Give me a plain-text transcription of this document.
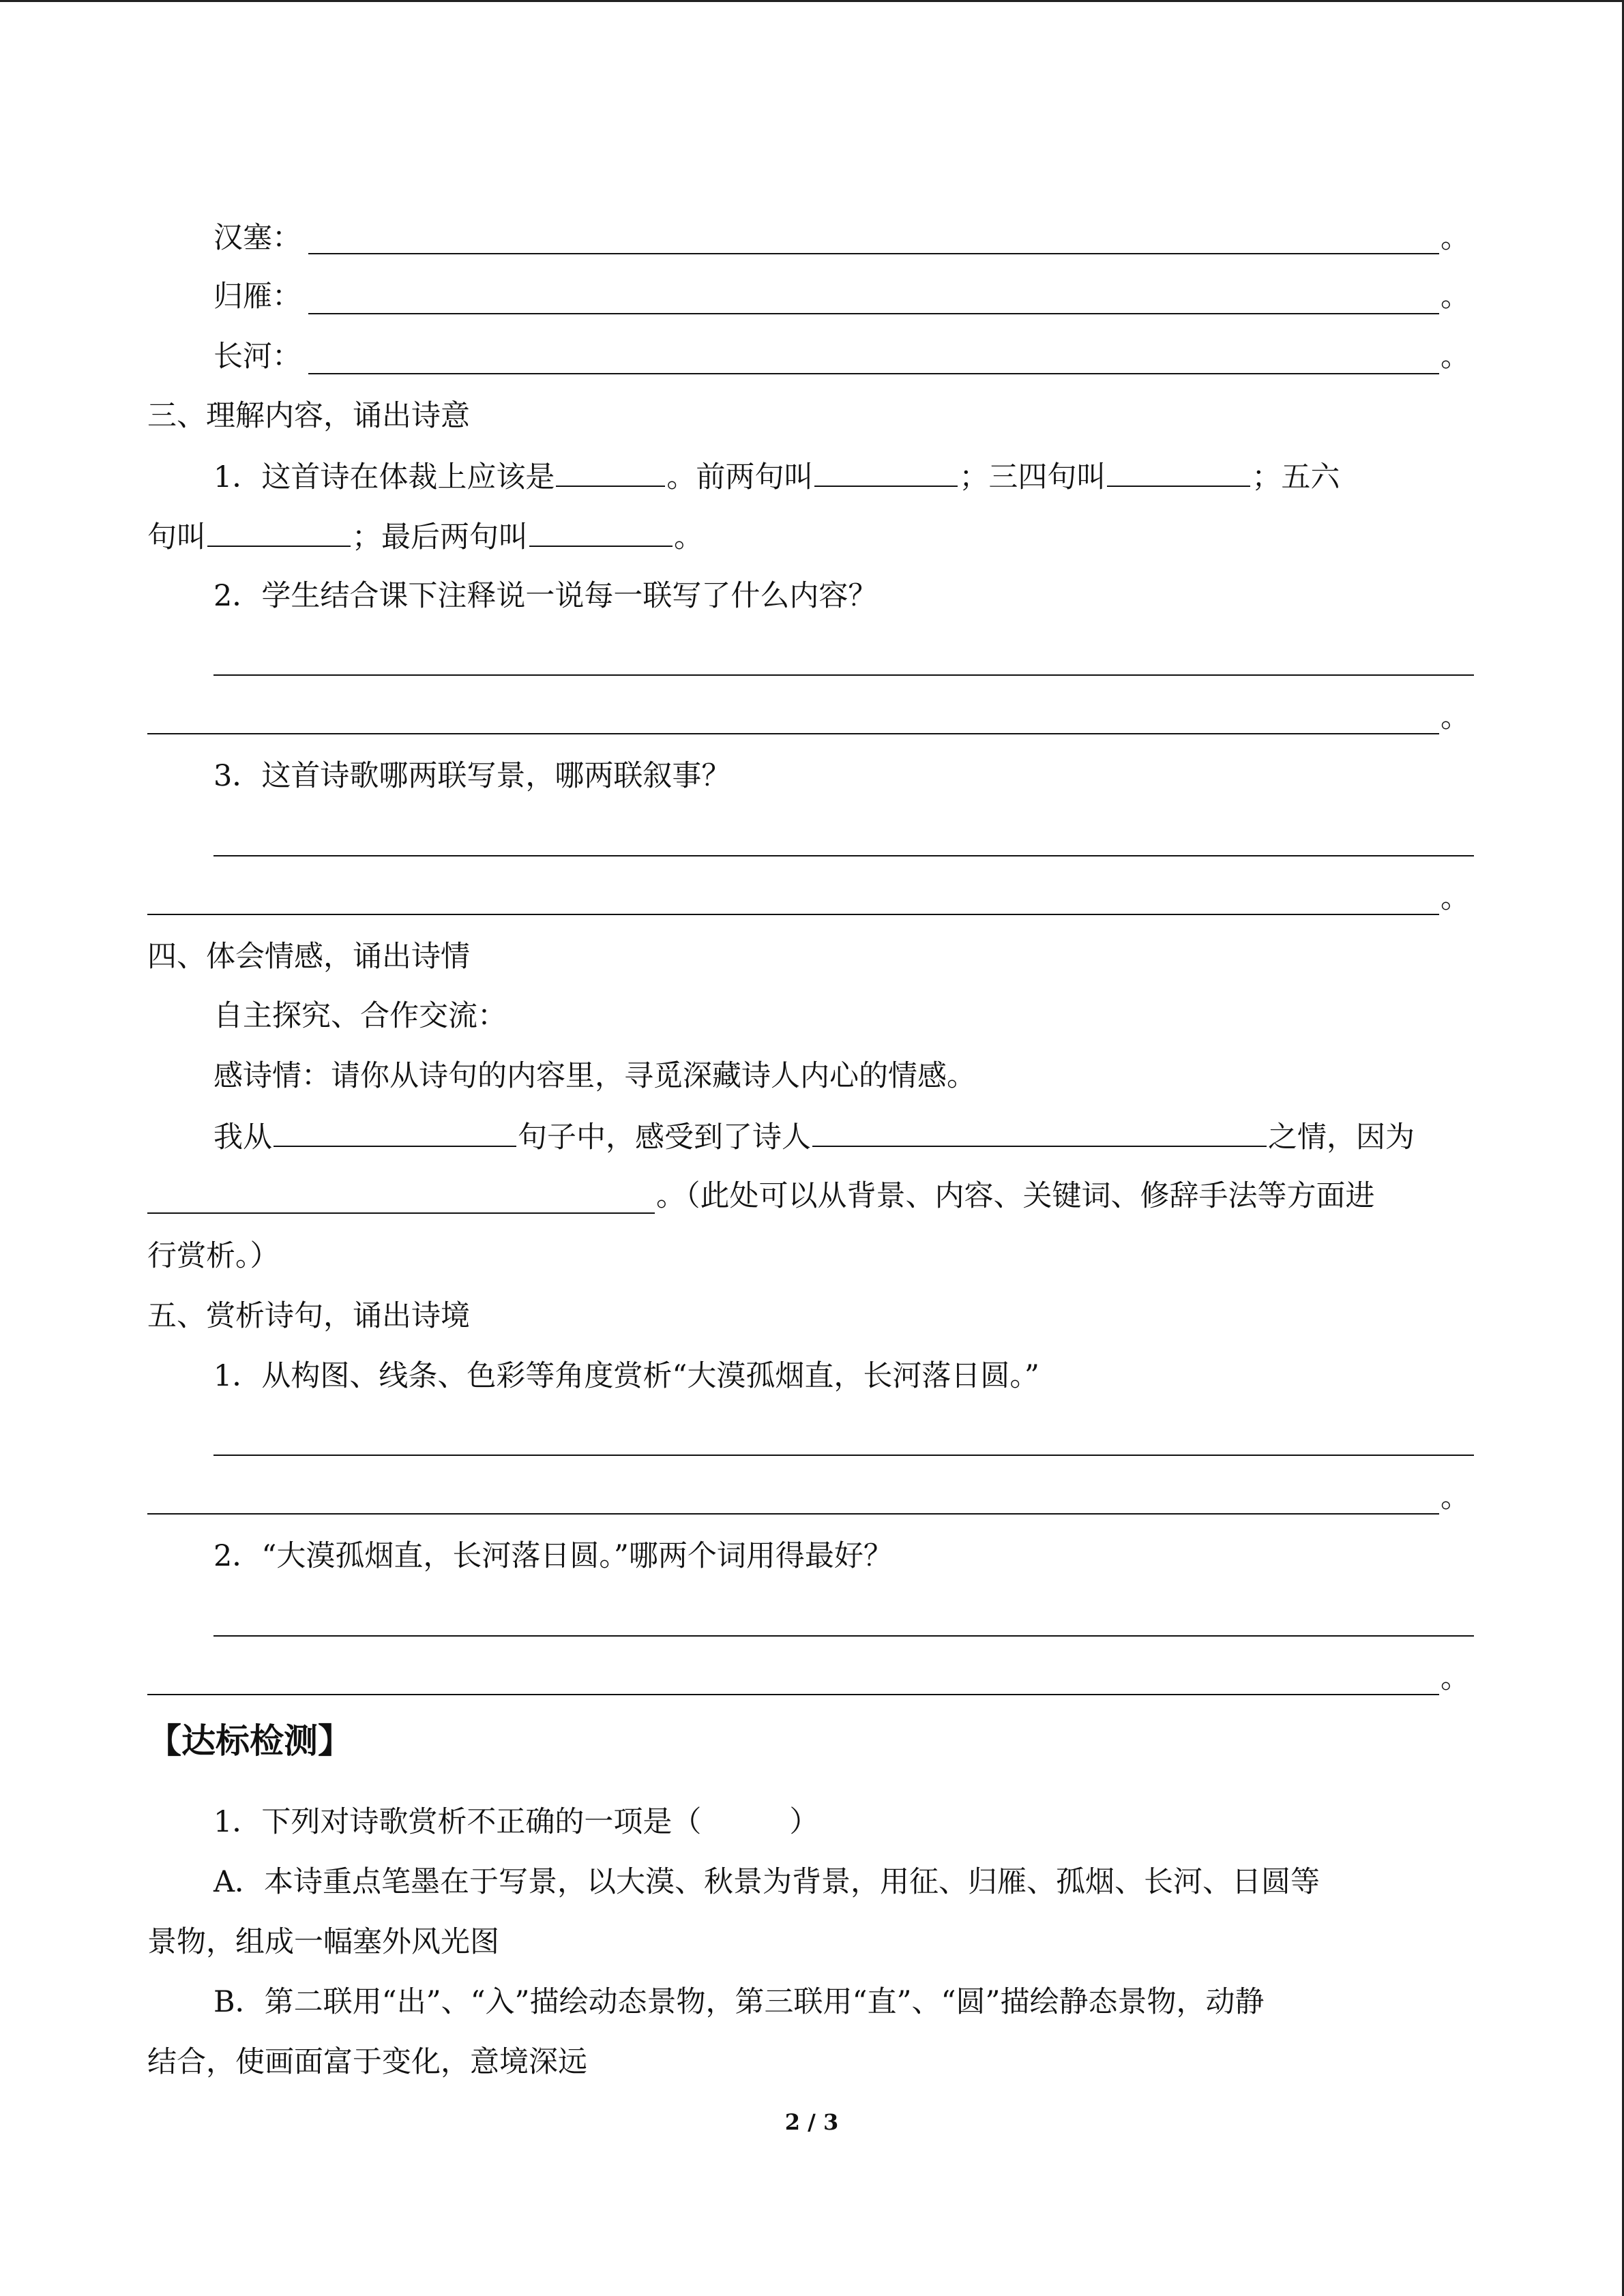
汉塞：	。
归雁：	。
长河：	。
三、理解内容，诵出诗意
1．这首诗在体裁上应该是	。前两句叫	；三四句叫	；五六
句叫	；最后两句叫	。
2．学生结合课下注释说一说每一联写了什么内容？
。
3．这首诗歌哪两联写景，哪两联叙事？
。
四、体会情感，诵出诗情
自主探究、合作交流：
感诗情：请你从诗句的内容里，寻觅深藏诗人内心的情感。
我从	句子中，感受到了诗人	之情，因为
。（此处可以从背景、内容、关键词、修辞手法等方面进
行赏析。）
五、赏析诗句，诵出诗境
1．从构图、线条、色彩等角度赏析“大漠孤烟直，长河落日圆。”
。
2．“大漠孤烟直，长河落日圆。”哪两个词用得最好？
。
【达标检测】
1．下列对诗歌赏析不正确的一项是（　　　）
A．本诗重点笔墨在于写景，以大漠、秋景为背景，用征、归雁、孤烟、长河、日圆等
景物，组成一幅塞外风光图
B．第二联用“出”、“入”描绘动态景物，第三联用“直”、“圆”描绘静态景物，动静
结合，使画面富于变化，意境深远
2 / 3
